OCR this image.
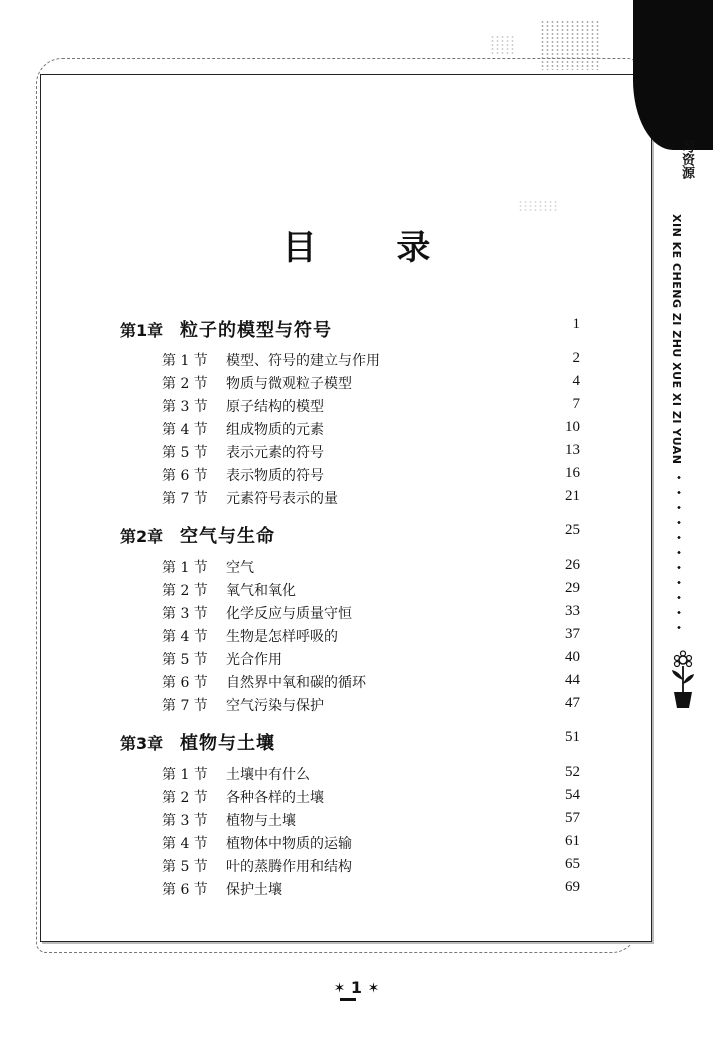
习资源
XIN KE CHENG ZI ZHU XUE XI ZI YUAN
目 录
第1章 粒子的模型与符号	1
第 1 节 模型、符号的建立与作用	2
第 2 节 物质与微观粒子模型	4
第 3 节 原子结构的模型	7
第 4 节 组成物质的元素	10
第 5 节 表示元素的符号	13
第 6 节 表示物质的符号	16
第 7 节 元素符号表示的量	21
第2章 空气与生命	25
第 1 节 空气	26
第 2 节 氧气和氧化	29
第 3 节 化学反应与质量守恒	33
第 4 节 生物是怎样呼吸的	37
第 5 节 光合作用	40
第 6 节 自然界中氧和碳的循环	44
第 7 节 空气污染与保护	47
第3章 植物与土壤	51
第 1 节 土壤中有什么	52
第 2 节 各种各样的土壤	54
第 3 节 植物与土壤	57
第 4 节 植物体中物质的运输	61
第 5 节 叶的蒸腾作用和结构	65
第 6 节 保护土壤	69
✶ 1 ✶
